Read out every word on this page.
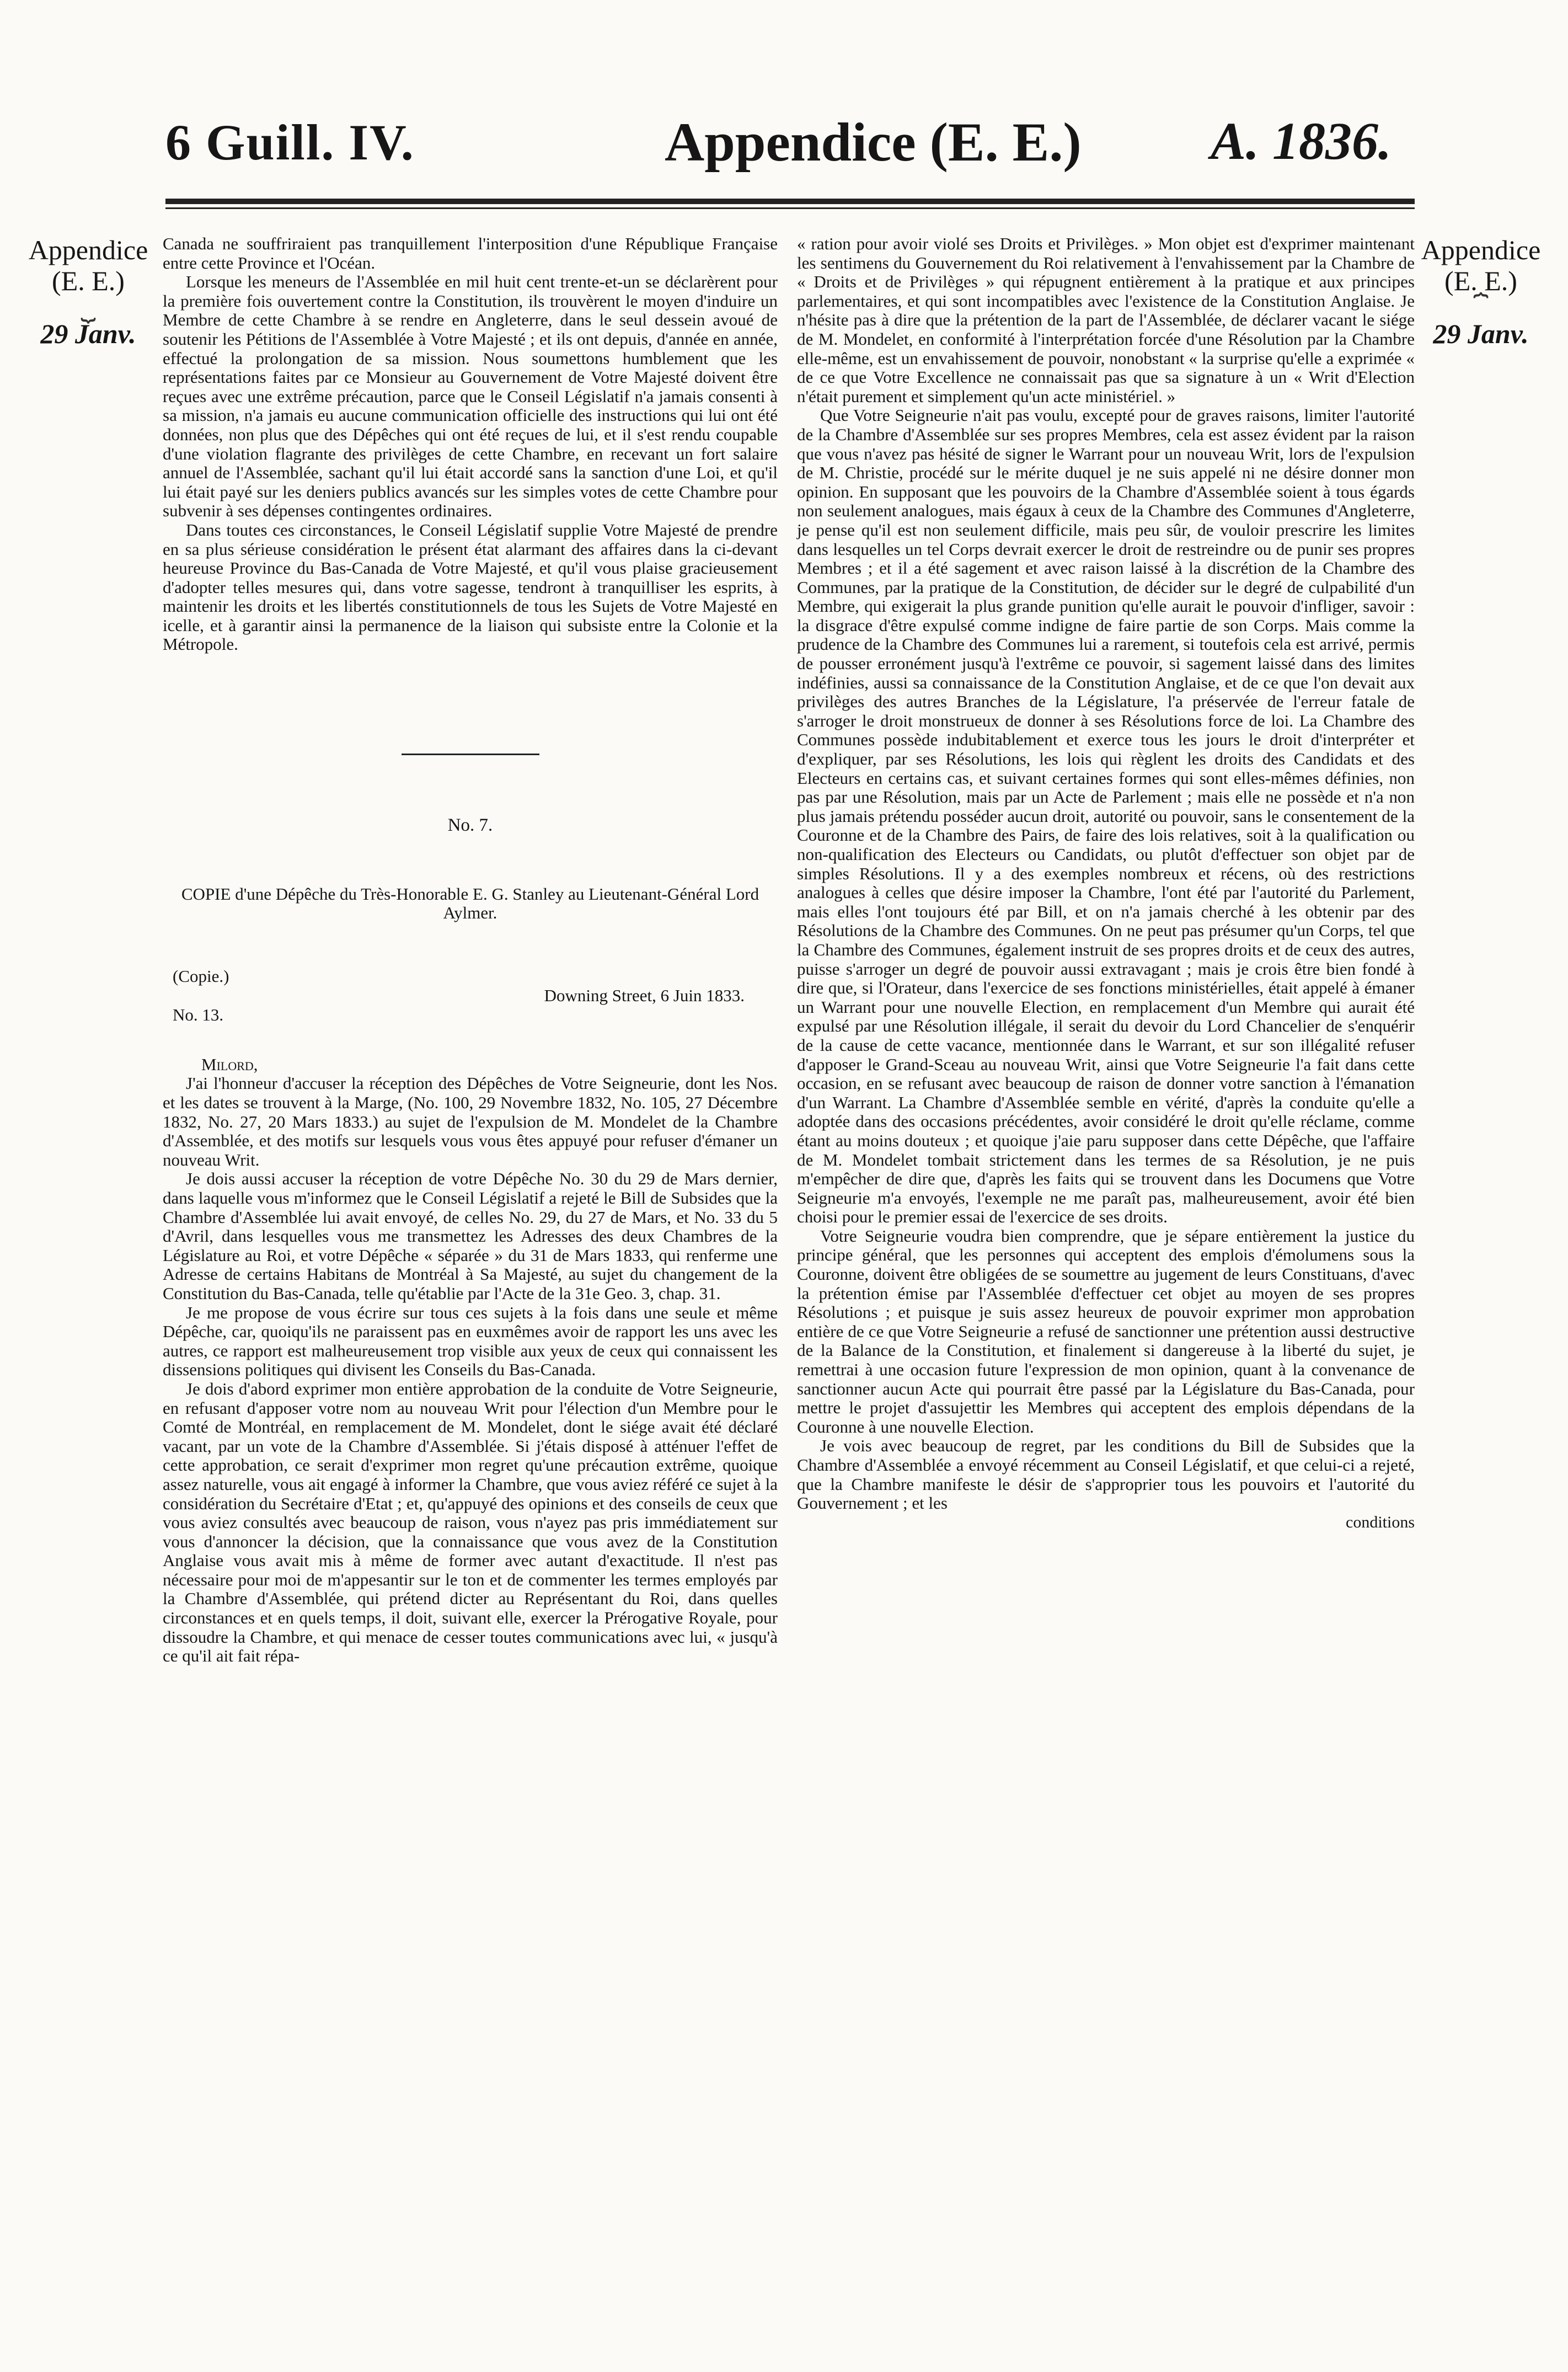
6 Guill. IV.	Appendice (E. E.) A. 1836.
Appendice
(E. E.)
⏟
29 Janv.
Appendice
(E. E.)
⏞
29 Janv.

Canada ne souffriraient pas tranquillement l'interposition d'une République Française entre cette Province et l'Océan.

Lorsque les meneurs de l'Assemblée en mil huit cent trente-et-un se déclarèrent pour la première fois ouvertement contre la Constitution, ils trouvèrent le moyen d'induire un Membre de cette Chambre à se rendre en Angleterre, dans le seul dessein avoué de soutenir les Pétitions de l'Assemblée à Votre Majesté ; et ils ont depuis, d'année en année, effectué la prolongation de sa mission. Nous soumettons humblement que les représentations faites par ce Monsieur au Gouvernement de Votre Majesté doivent être reçues avec une extrême précaution, parce que le Conseil Législatif n'a jamais consenti à sa mission, n'a jamais eu aucune communication officielle des instructions qui lui ont été données, non plus que des Dépêches qui ont été reçues de lui, et il s'est rendu coupable d'une violation flagrante des privilèges de cette Chambre, en recevant un fort salaire annuel de l'Assemblée, sachant qu'il lui était accordé sans la sanction d'une Loi, et qu'il lui était payé sur les deniers publics avancés sur les simples votes de cette Chambre pour subvenir à ses dépenses contingentes ordinaires.

Dans toutes ces circonstances, le Conseil Législatif supplie Votre Majesté de prendre en sa plus sérieuse considération le présent état alarmant des affaires dans la ci-devant heureuse Province du Bas-Canada de Votre Majesté, et qu'il vous plaise gracieusement d'adopter telles mesures qui, dans votre sagesse, tendront à tranquilliser les esprits, à maintenir les droits et les libertés constitutionnels de tous les Sujets de Votre Majesté en icelle, et à garantir ainsi la permanence de la liaison qui subsiste entre la Colonie et la Métropole.

No. 7.
COPIE d'une Dépêche du Très-Honorable E. G. Stanley au Lieutenant-Général Lord Aylmer.
(Copie.)
Downing Street, 6 Juin 1833.
No. 13.
Milord,

J'ai l'honneur d'accuser la réception des Dépêches de Votre Seigneurie, dont les Nos. et les dates se trouvent à la Marge, (No. 100, 29 Novembre 1832, No. 105, 27 Décembre 1832, No. 27, 20 Mars 1833.) au sujet de l'expulsion de M. Mondelet de la Chambre d'Assemblée, et des motifs sur lesquels vous vous êtes appuyé pour refuser d'émaner un nouveau Writ.

Je dois aussi accuser la réception de votre Dépêche No. 30 du 29 de Mars dernier, dans laquelle vous m'informez que le Conseil Législatif a rejeté le Bill de Subsides que la Chambre d'Assemblée lui avait envoyé, de celles No. 29, du 27 de Mars, et No. 33 du 5 d'Avril, dans lesquelles vous me transmettez les Adresses des deux Chambres de la Législature au Roi, et votre Dépêche « séparée » du 31 de Mars 1833, qui renferme une Adresse de certains Habitans de Montréal à Sa Majesté, au sujet du changement de la Constitution du Bas-Canada, telle qu'établie par l'Acte de la 31e Geo. 3, chap. 31.

Je me propose de vous écrire sur tous ces sujets à la fois dans une seule et même Dépêche, car, quoiqu'ils ne paraissent pas en euxmêmes avoir de rapport les uns avec les autres, ce rapport est malheureusement trop visible aux yeux de ceux qui connaissent les dissensions politiques qui divisent les Conseils du Bas-Canada.

Je dois d'abord exprimer mon entière approbation de la conduite de Votre Seigneurie, en refusant d'apposer votre nom au nouveau Writ pour l'élection d'un Membre pour le Comté de Montréal, en remplacement de M. Mondelet, dont le siége avait été déclaré vacant, par un vote de la Chambre d'Assemblée. Si j'étais disposé à atténuer l'effet de cette approbation, ce serait d'exprimer mon regret qu'une précaution extrême, quoique assez naturelle, vous ait engagé à informer la Chambre, que vous aviez référé ce sujet à la considération du Secrétaire d'Etat ; et, qu'appuyé des opinions et des conseils de ceux que vous aviez consultés avec beaucoup de raison, vous n'ayez pas pris immédiatement sur vous d'annoncer la décision, que la connaissance que vous avez de la Constitution Anglaise vous avait mis à même de former avec autant d'exactitude. Il n'est pas nécessaire pour moi de m'appesantir sur le ton et de commenter les termes employés par la Chambre d'Assemblée, qui prétend dicter au Représentant du Roi, dans quelles circonstances et en quels temps, il doit, suivant elle, exercer la Prérogative Royale, pour dissoudre la Chambre, et qui menace de cesser toutes communications avec lui, « jusqu'à ce qu'il ait fait répa-

« ration pour avoir violé ses Droits et Privilèges. » Mon objet est d'exprimer maintenant les sentimens du Gouvernement du Roi relativement à l'envahissement par la Chambre de « Droits et de Privilèges » qui répugnent entièrement à la pratique et aux principes parlementaires, et qui sont incompatibles avec l'existence de la Constitution Anglaise. Je n'hésite pas à dire que la prétention de la part de l'Assemblée, de déclarer vacant le siége de M. Mondelet, en conformité à l'interprétation forcée d'une Résolution par la Chambre elle-même, est un envahissement de pouvoir, nonobstant « la surprise qu'elle a exprimée « de ce que Votre Excellence ne connaissait pas que sa signature à un « Writ d'Election n'était purement et simplement qu'un acte ministériel. »

Que Votre Seigneurie n'ait pas voulu, excepté pour de graves raisons, limiter l'autorité de la Chambre d'Assemblée sur ses propres Membres, cela est assez évident par la raison que vous n'avez pas hésité de signer le Warrant pour un nouveau Writ, lors de l'expulsion de M. Christie, procédé sur le mérite duquel je ne suis appelé ni ne désire donner mon opinion. En supposant que les pouvoirs de la Chambre d'Assemblée soient à tous égards non seulement analogues, mais égaux à ceux de la Chambre des Communes d'Angleterre, je pense qu'il est non seulement difficile, mais peu sûr, de vouloir prescrire les limites dans lesquelles un tel Corps devrait exercer le droit de restreindre ou de punir ses propres Membres ; et il a été sagement et avec raison laissé à la discrétion de la Chambre des Communes, par la pratique de la Constitution, de décider sur le degré de culpabilité d'un Membre, qui exigerait la plus grande punition qu'elle aurait le pouvoir d'infliger, savoir : la disgrace d'être expulsé comme indigne de faire partie de son Corps. Mais comme la prudence de la Chambre des Communes lui a rarement, si toutefois cela est arrivé, permis de pousser erronément jusqu'à l'extrême ce pouvoir, si sagement laissé dans des limites indéfinies, aussi sa connaissance de la Constitution Anglaise, et de ce que l'on devait aux privilèges des autres Branches de la Législature, l'a préservée de l'erreur fatale de s'arroger le droit monstrueux de donner à ses Résolutions force de loi. La Chambre des Communes possède indubitablement et exerce tous les jours le droit d'interpréter et d'expliquer, par ses Résolutions, les lois qui règlent les droits des Candidats et des Electeurs en certains cas, et suivant certaines formes qui sont elles-mêmes définies, non pas par une Résolution, mais par un Acte de Parlement ; mais elle ne possède et n'a non plus jamais prétendu posséder aucun droit, autorité ou pouvoir, sans le consentement de la Couronne et de la Chambre des Pairs, de faire des lois relatives, soit à la qualification ou non-qualification des Electeurs ou Candidats, ou plutôt d'effectuer son objet par de simples Résolutions. Il y a des exemples nombreux et récens, où des restrictions analogues à celles que désire imposer la Chambre, l'ont été par l'autorité du Parlement, mais elles l'ont toujours été par Bill, et on n'a jamais cherché à les obtenir par des Résolutions de la Chambre des Communes. On ne peut pas présumer qu'un Corps, tel que la Chambre des Communes, également instruit de ses propres droits et de ceux des autres, puisse s'arroger un degré de pouvoir aussi extravagant ; mais je crois être bien fondé à dire que, si l'Orateur, dans l'exercice de ses fonctions ministérielles, était appelé à émaner un Warrant pour une nouvelle Election, en remplacement d'un Membre qui aurait été expulsé par une Résolution illégale, il serait du devoir du Lord Chancelier de s'enquérir de la cause de cette vacance, mentionnée dans le Warrant, et sur son illégalité refuser d'apposer le Grand-Sceau au nouveau Writ, ainsi que Votre Seigneurie l'a fait dans cette occasion, en se refusant avec beaucoup de raison de donner votre sanction à l'émanation d'un Warrant. La Chambre d'Assemblée semble en vérité, d'après la conduite qu'elle a adoptée dans des occasions précédentes, avoir considéré le droit qu'elle réclame, comme étant au moins douteux ; et quoique j'aie paru supposer dans cette Dépêche, que l'affaire de M. Mondelet tombait strictement dans les termes de sa Résolution, je ne puis m'empêcher de dire que, d'après les faits qui se trouvent dans les Documens que Votre Seigneurie m'a envoyés, l'exemple ne me paraît pas, malheureusement, avoir été bien choisi pour le premier essai de l'exercice de ses droits.

Votre Seigneurie voudra bien comprendre, que je sépare entièrement la justice du principe général, que les personnes qui acceptent des emplois d'émolumens sous la Couronne, doivent être obligées de se soumettre au jugement de leurs Constituans, d'avec la prétention émise par l'Assemblée d'effectuer cet objet au moyen de ses propres Résolutions ; et puisque je suis assez heureux de pouvoir exprimer mon approbation entière de ce que Votre Seigneurie a refusé de sanctionner une prétention aussi destructive de la Balance de la Constitution, et finalement si dangereuse à la liberté du sujet, je remettrai à une occasion future l'expression de mon opinion, quant à la convenance de sanctionner aucun Acte qui pourrait être passé par la Législature du Bas-Canada, pour mettre le projet d'assujettir les Membres qui acceptent des emplois dépendans de la Couronne à une nouvelle Election.

Je vois avec beaucoup de regret, par les conditions du Bill de Subsides que la Chambre d'Assemblée a envoyé récemment au Conseil Législatif, et que celui-ci a rejeté, que la Chambre manifeste le désir de s'approprier tous les pouvoirs et l'autorité du Gouvernement ; et les

conditions
